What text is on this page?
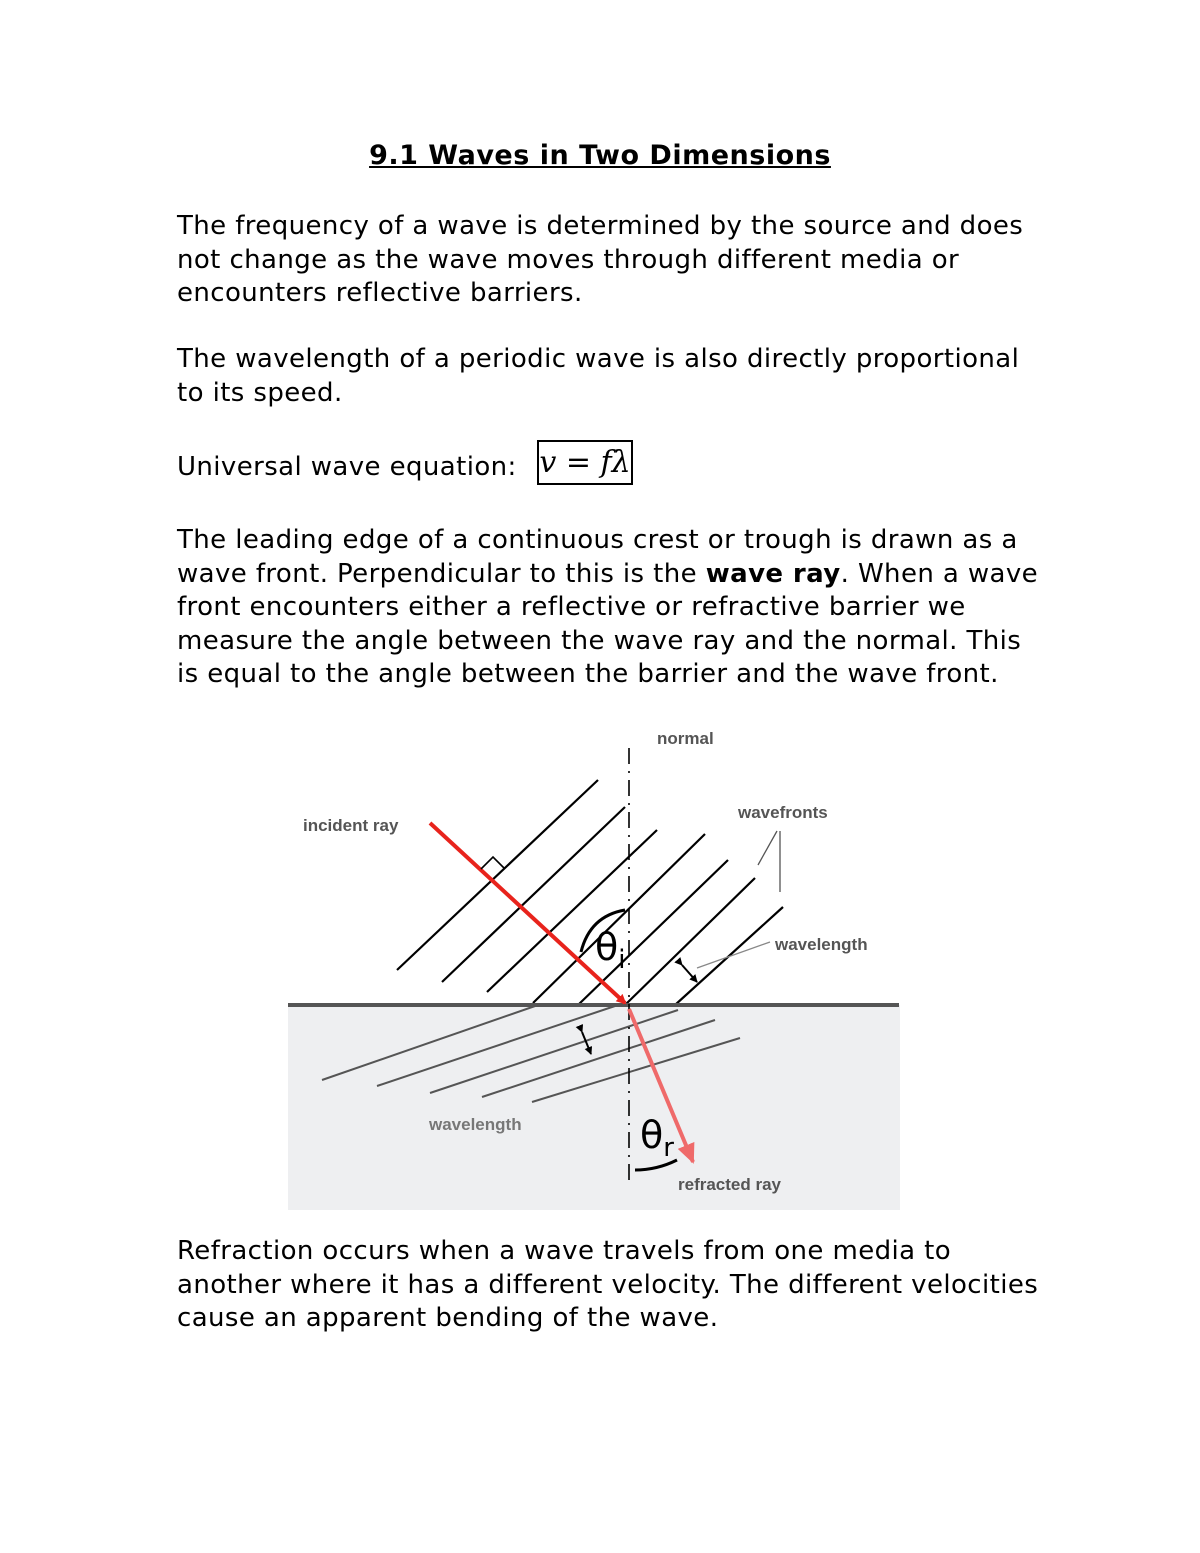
9.1 Waves in Two Dimensions
The frequency of a wave is determined by the source and does not change as the wave moves through different media or encounters reflective barriers.
The wavelength of a periodic wave is also directly proportional to its speed.
Universal wave equation: v = fλ
The leading edge of a continuous crest or trough is drawn as a wave front. Perpendicular to this is the wave ray. When a wave front encounters either a reflective or refractive barrier we measure the angle between the wave ray and the normal. This is equal to the angle between the barrier and the wave front.
normal
incident ray
wavefronts
wavelength
wavelength
refracted ray
$\theta_i$
$\theta_r$
Refraction occurs when a wave travels from one media to another where it has a different velocity. The different velocities cause an apparent bending of the wave.
